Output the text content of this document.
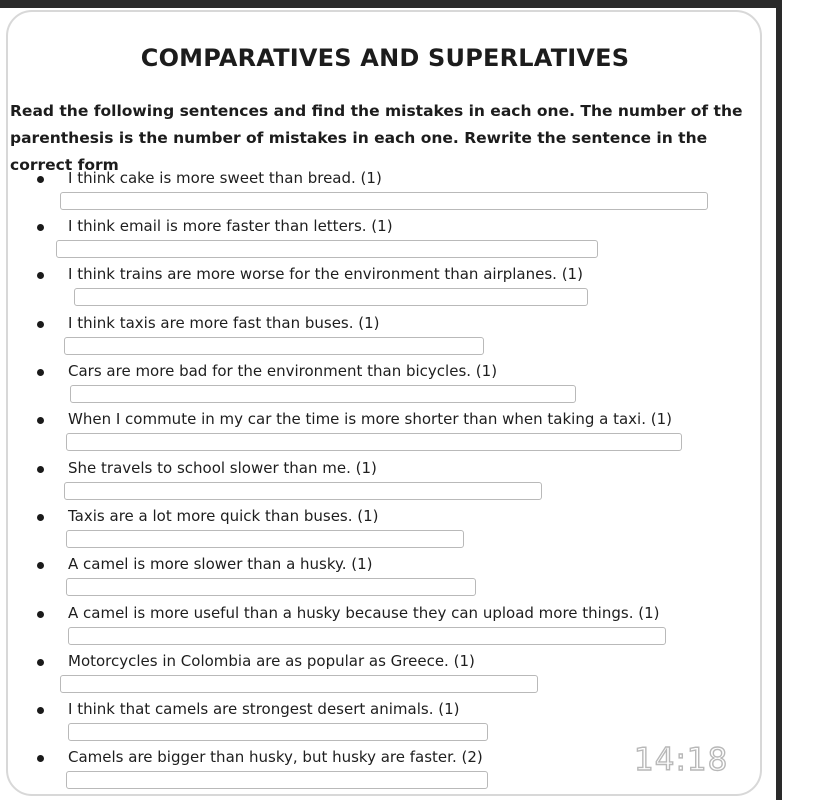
COMPARATIVES AND SUPERLATIVES
Read the following sentences and find the mistakes in each one. The number of the parenthesis is the number of mistakes in each one. Rewrite the sentence in the correct form
I think cake is more sweet than bread. (1)
I think email is more faster than letters. (1)
I think trains are more worse for the environment than airplanes. (1)
I think taxis are more fast than buses. (1)
Cars are more bad for the environment than bicycles. (1)
When I commute in my car the time is more shorter than when taking a taxi. (1)
She travels to school slower than me. (1)
Taxis are a lot more quick than buses. (1)
A camel is more slower than a husky. (1)
A camel is more useful than a husky because they can upload more things. (1)
Motorcycles in Colombia are as popular as Greece. (1)
I think that camels are strongest desert animals. (1)
Camels are bigger than husky, but husky are faster. (2)	14:18
